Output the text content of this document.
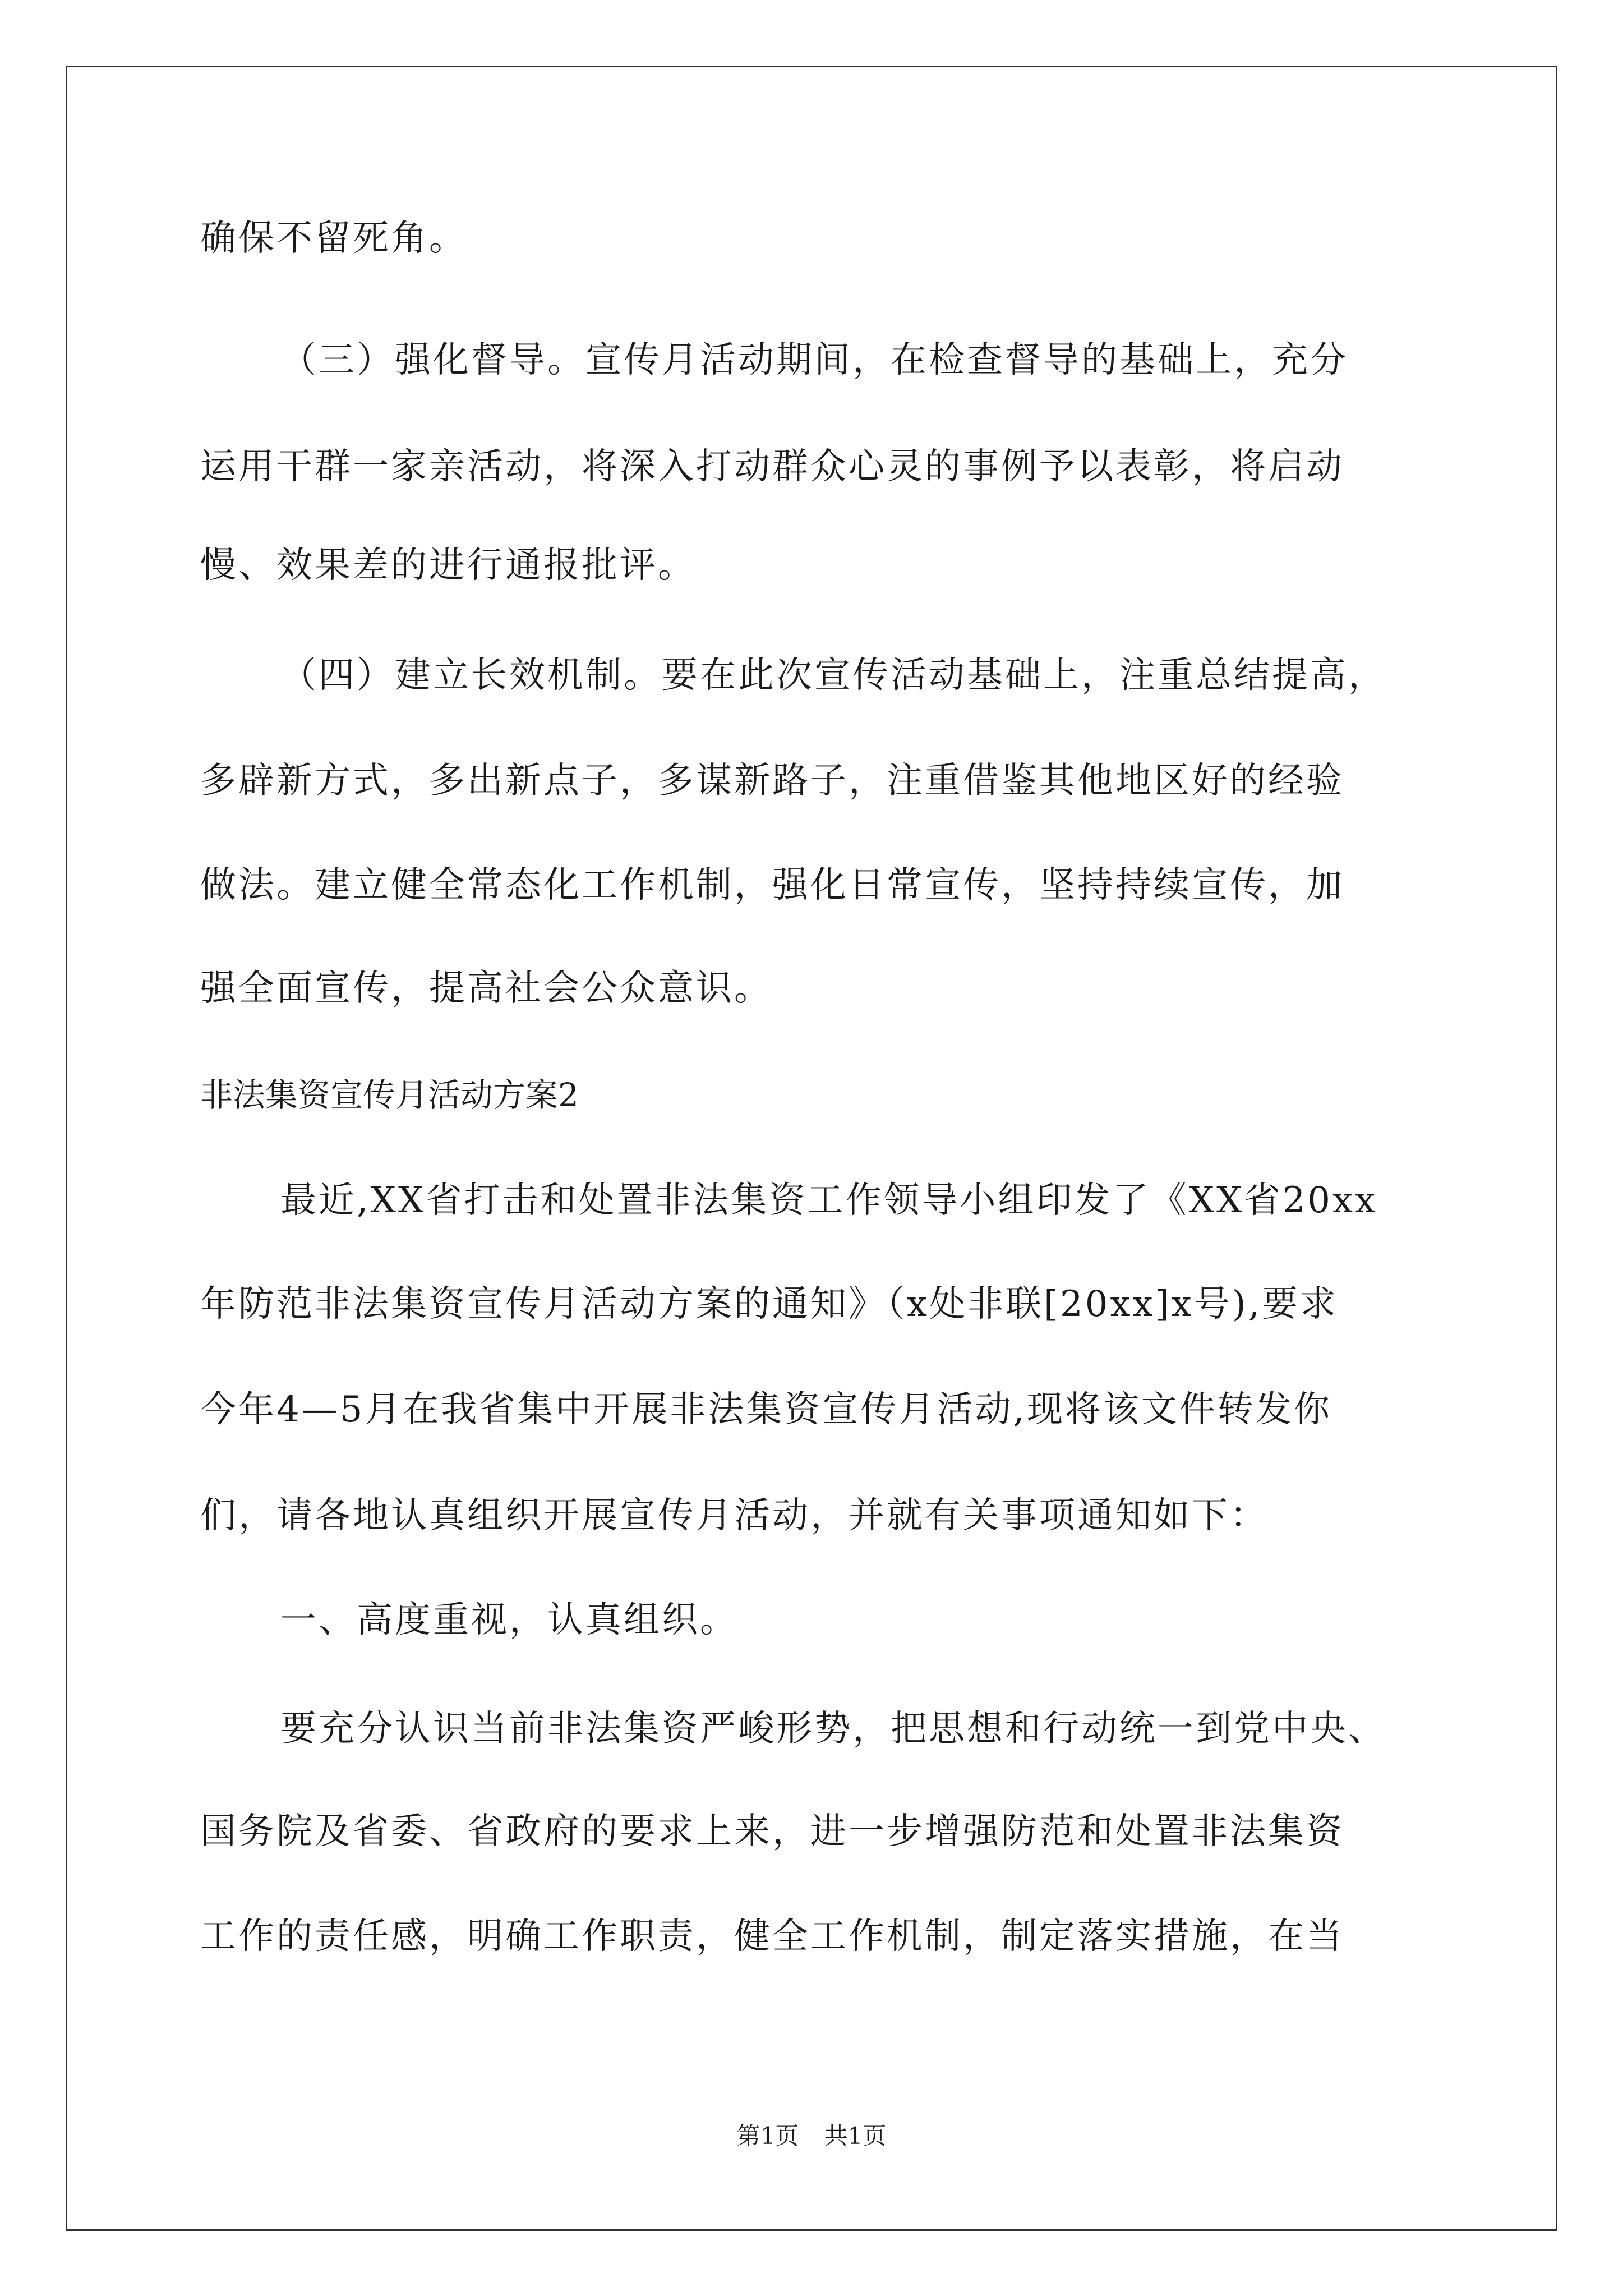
确保不留死角。
（三）强化督导。宣传月活动期间，在检查督导的基础上，充分
运用干群一家亲活动，将深入打动群众心灵的事例予以表彰，将启动
慢、效果差的进行通报批评。
（四）建立长效机制。要在此次宣传活动基础上，注重总结提高，
多辟新方式，多出新点子，多谋新路子，注重借鉴其他地区好的经验
做法。建立健全常态化工作机制，强化日常宣传，坚持持续宣传，加
强全面宣传，提高社会公众意识。
非法集资宣传月活动方案2
最近,XX省打击和处置非法集资工作领导小组印发了《XX省20xx
年防范非法集资宣传月活动方案的通知》（x处非联[20xx]x号),要求
今年4—5月在我省集中开展非法集资宣传月活动,现将该文件转发你
们，请各地认真组织开展宣传月活动，并就有关事项通知如下：
一、高度重视，认真组织。
要充分认识当前非法集资严峻形势，把思想和行动统一到党中央、
国务院及省委、省政府的要求上来，进一步增强防范和处置非法集资
工作的责任感，明确工作职责，健全工作机制，制定落实措施，在当
第1页 共1页
